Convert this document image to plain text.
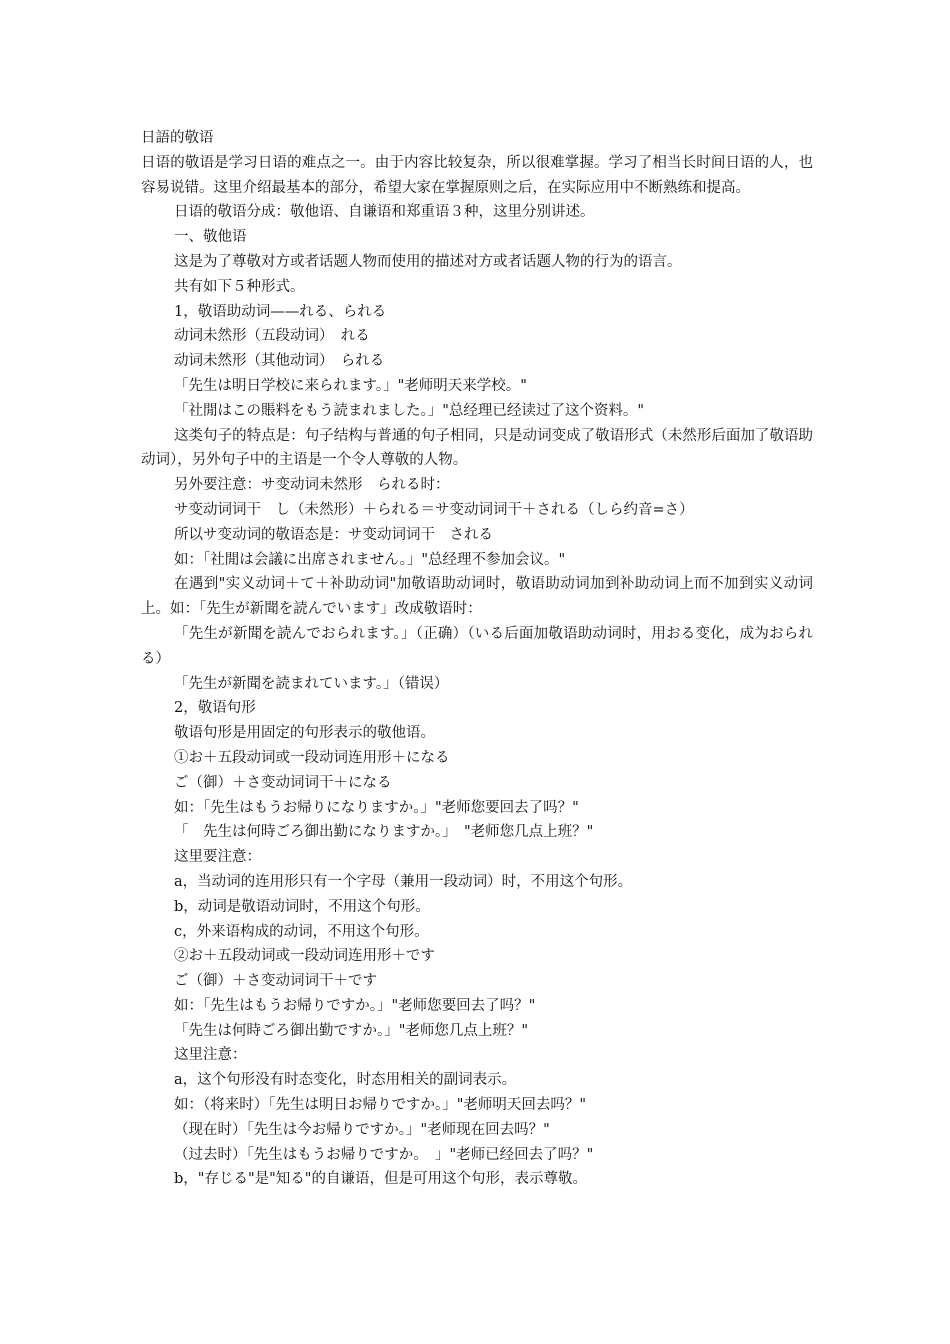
日語的敬语
日语的敬语是学习日语的难点之一。由于内容比较复杂，所以很难掌握。学习了相当长时间日语的人，也容易说错。这里介绍最基本的部分，希望大家在掌握原则之后，在实际应用中不断熟练和提高。
日语的敬语分成：敬他语、自谦语和郑重语３种，这里分别讲述。
一、敬他语
这是为了尊敬对方或者话题人物而使用的描述对方或者话题人物的行为的语言。
共有如下５种形式。
1，敬语助动词——れる、られる
动词未然形（五段动词）　れる
动词未然形（其他动词）　られる
「先生は明日学校に来られます。」"老师明天来学校。"
「社閒はこの賬料をもう読まれました。」"总经理已经读过了这个资料。"
这类句子的特点是：句子结构与普通的句子相同，只是动词变成了敬语形式（未然形后面加了敬语助动词），另外句子中的主语是一个令人尊敬的人物。
另外要注意：サ变动词未然形　られる时：
サ变动词词干　し（未然形）＋られる＝サ变动词词干＋される（しら约音=さ）
所以サ变动词的敬语态是：サ变动词词干　される
如：「社閒は会議に出席されません。」"总经理不参加会议。"
在遇到"实义动词＋て＋补助动词"加敬语助动词时，敬语助动词加到补助动词上而不加到实义动词上。如：「先生が新聞を読んでいます」改成敬语时：
「先生が新聞を読んでおられます。」（正确）（いる后面加敬语助动词时，用おる变化，成为おられる）
「先生が新聞を読まれています。」（错误）
2，敬语句形
敬语句形是用固定的句形表示的敬他语。
①お＋五段动词或一段动词连用形＋になる
ご（御）＋さ变动词词干＋になる
如：「先生はもうお帰りになりますか。」"老师您要回去了吗？"
「　先生は何時ごろ御出勤になりますか。」　"老师您几点上班？"
这里要注意：
a，当动词的连用形只有一个字母（兼用一段动词）时，不用这个句形。
b，动词是敬语动词时，不用这个句形。
c，外来语构成的动词，不用这个句形。
②お＋五段动词或一段动词连用形＋です
ご（御）＋さ变动词词干＋です
如：「先生はもうお帰りですか。」"老师您要回去了吗？"
「先生は何時ごろ御出勤ですか。」"老师您几点上班？"
这里注意：
a，这个句形没有时态变化，时态用相关的副词表示。
如：（将来时）「先生は明日お帰りですか。」"老师明天回去吗？"
（现在时）「先生は今お帰りですか。」"老师现在回去吗？"
（过去时）「先生はもうお帰りですか。　」"老师已经回去了吗？"
b，"存じる"是"知る"的自谦语，但是可用这个句形，表示尊敬。
